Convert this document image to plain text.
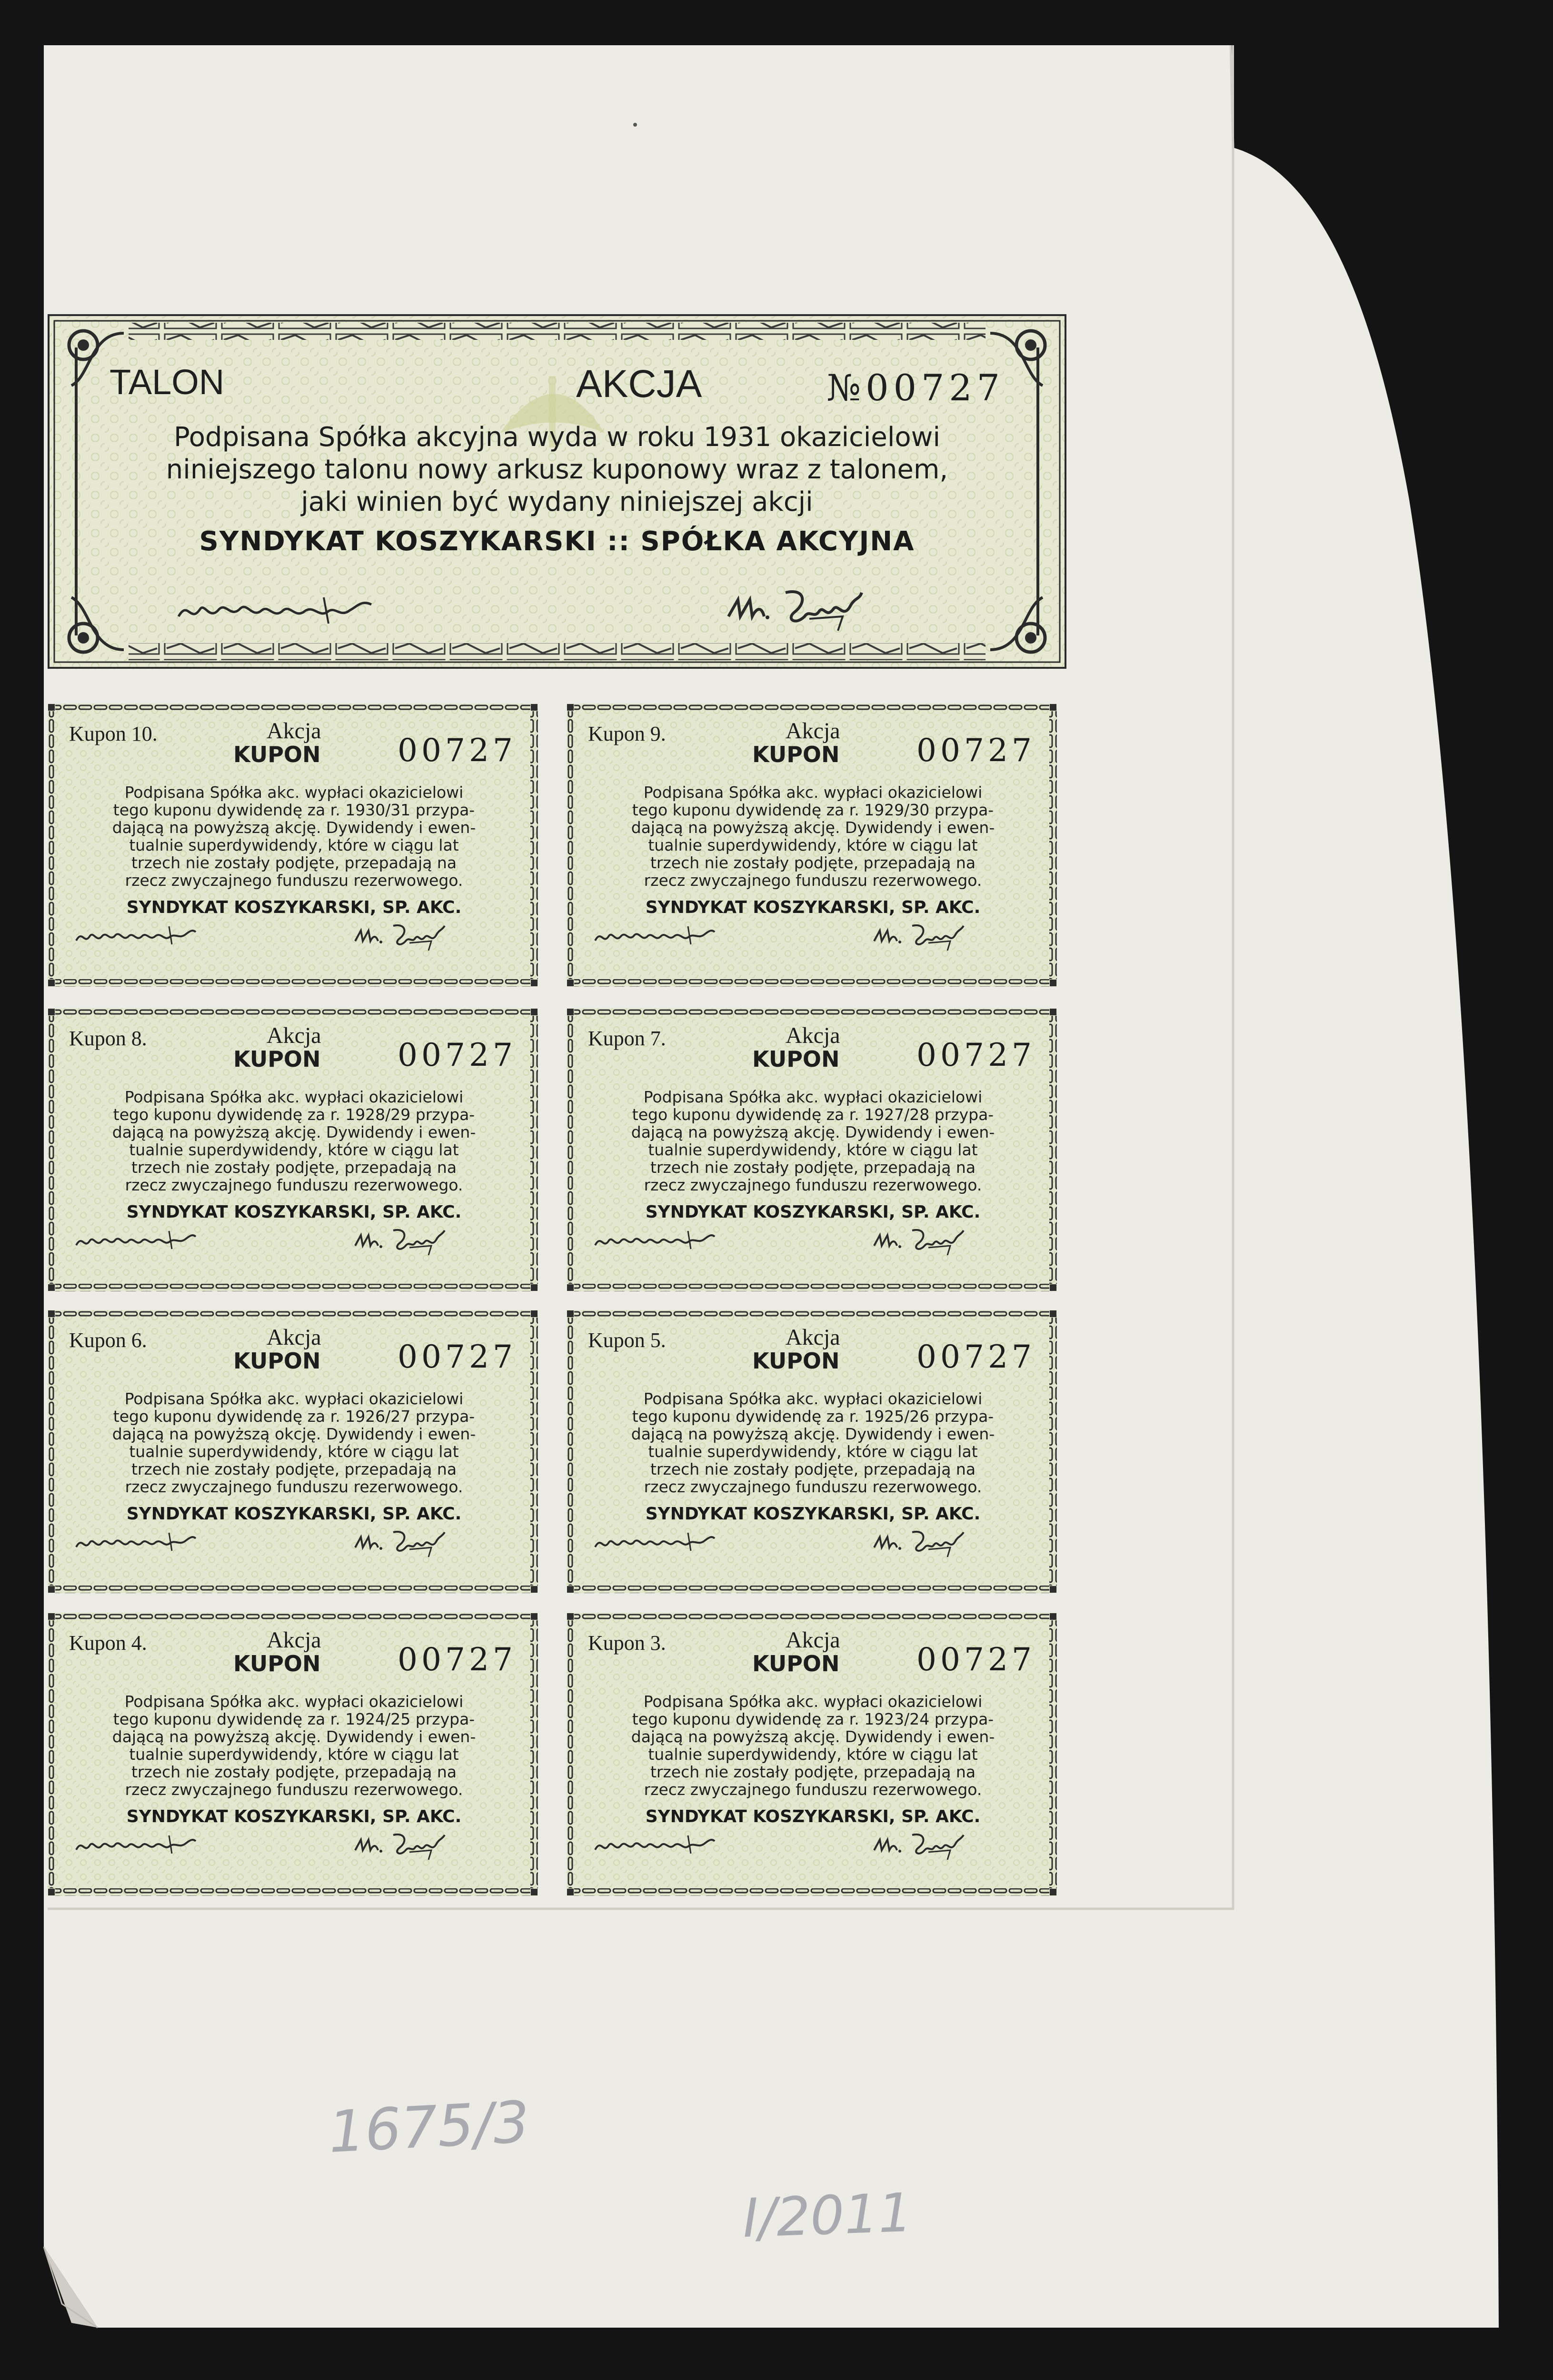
TALON	AKCJA	№00727
Podpisana Spółka akcyjna wyda w roku 1931 okazicielowi
niniejszego talonu nowy arkusz kuponowy wraz z talonem,
jaki winien być wydany niniejszej akcji
SYNDYKAT KOSZYKARSKI :: SPÓŁKA AKCYJNA
Kupon 10.	Akcja
KUPON 00727
Podpisana Spółka akc. wypłaci okazicielowi
tego kuponu dywidendę za r. 1930/31 przypa-
dającą na powyższą akcję. Dywidendy i ewen-
tualnie superdywidendy, które w ciągu lat
trzech nie zostały podjęte, przepadają na
rzecz zwyczajnego funduszu rezerwowego.
SYNDYKAT KOSZYKARSKI, SP. AKC.
Kupon 9.	Akcja
KUPON 00727
Podpisana Spółka akc. wypłaci okazicielowi
tego kuponu dywidendę za r. 1929/30 przypa-
dającą na powyższą akcję. Dywidendy i ewen-
tualnie superdywidendy, które w ciągu lat
trzech nie zostały podjęte, przepadają na
rzecz zwyczajnego funduszu rezerwowego.
SYNDYKAT KOSZYKARSKI, SP. AKC.
Kupon 8.	Akcja
KUPON 00727
Podpisana Spółka akc. wypłaci okazicielowi
tego kuponu dywidendę za r. 1928/29 przypa-
dającą na powyższą akcję. Dywidendy i ewen-
tualnie superdywidendy, które w ciągu lat
trzech nie zostały podjęte, przepadają na
rzecz zwyczajnego funduszu rezerwowego.
SYNDYKAT KOSZYKARSKI, SP. AKC.
Kupon 7.	Akcja
KUPON 00727
Podpisana Spółka akc. wypłaci okazicielowi
tego kuponu dywidendę za r. 1927/28 przypa-
dającą na powyższą akcję. Dywidendy i ewen-
tualnie superdywidendy, które w ciągu lat
trzech nie zostały podjęte, przepadają na
rzecz zwyczajnego funduszu rezerwowego.
SYNDYKAT KOSZYKARSKI, SP. AKC.
Kupon 6.	Akcja
KUPON 00727
Podpisana Spółka akc. wypłaci okazicielowi
tego kuponu dywidendę za r. 1926/27 przypa-
dającą na powyższą okcję. Dywidendy i ewen-
tualnie superdywidendy, które w ciągu lat
trzech nie zostały podjęte, przepadają na
rzecz zwyczajnego funduszu rezerwowego.
SYNDYKAT KOSZYKARSKI, SP. AKC.
Kupon 5.	Akcja
KUPON 00727
Podpisana Spółka akc. wypłaci okazicielowi
tego kuponu dywidendę za r. 1925/26 przypa-
dającą na powyższą akcję. Dywidendy i ewen-
tualnie superdywidendy, które w ciągu lat
trzech nie zostały podjęte, przepadają na
rzecz zwyczajnego funduszu rezerwowego.
SYNDYKAT KOSZYKARSKI, SP. AKC.
Kupon 4.	Akcja
KUPON 00727
Podpisana Spółka akc. wypłaci okazicielowi
tego kuponu dywidendę za r. 1924/25 przypa-
dającą na powyższą akcję. Dywidendy i ewen-
tualnie superdywidendy, które w ciągu lat
trzech nie zostały podjęte, przepadają na
rzecz zwyczajnego funduszu rezerwowego.
SYNDYKAT KOSZYKARSKI, SP. AKC.
Kupon 3.	Akcja
KUPON 00727
Podpisana Spółka akc. wypłaci okazicielowi
tego kuponu dywidendę za r. 1923/24 przypa-
dającą na powyższą akcję. Dywidendy i ewen-
tualnie superdywidendy, które w ciągu lat
trzech nie zostały podjęte, przepadają na
rzecz zwyczajnego funduszu rezerwowego.
SYNDYKAT KOSZYKARSKI, SP. AKC.
1675/3
I/2011
